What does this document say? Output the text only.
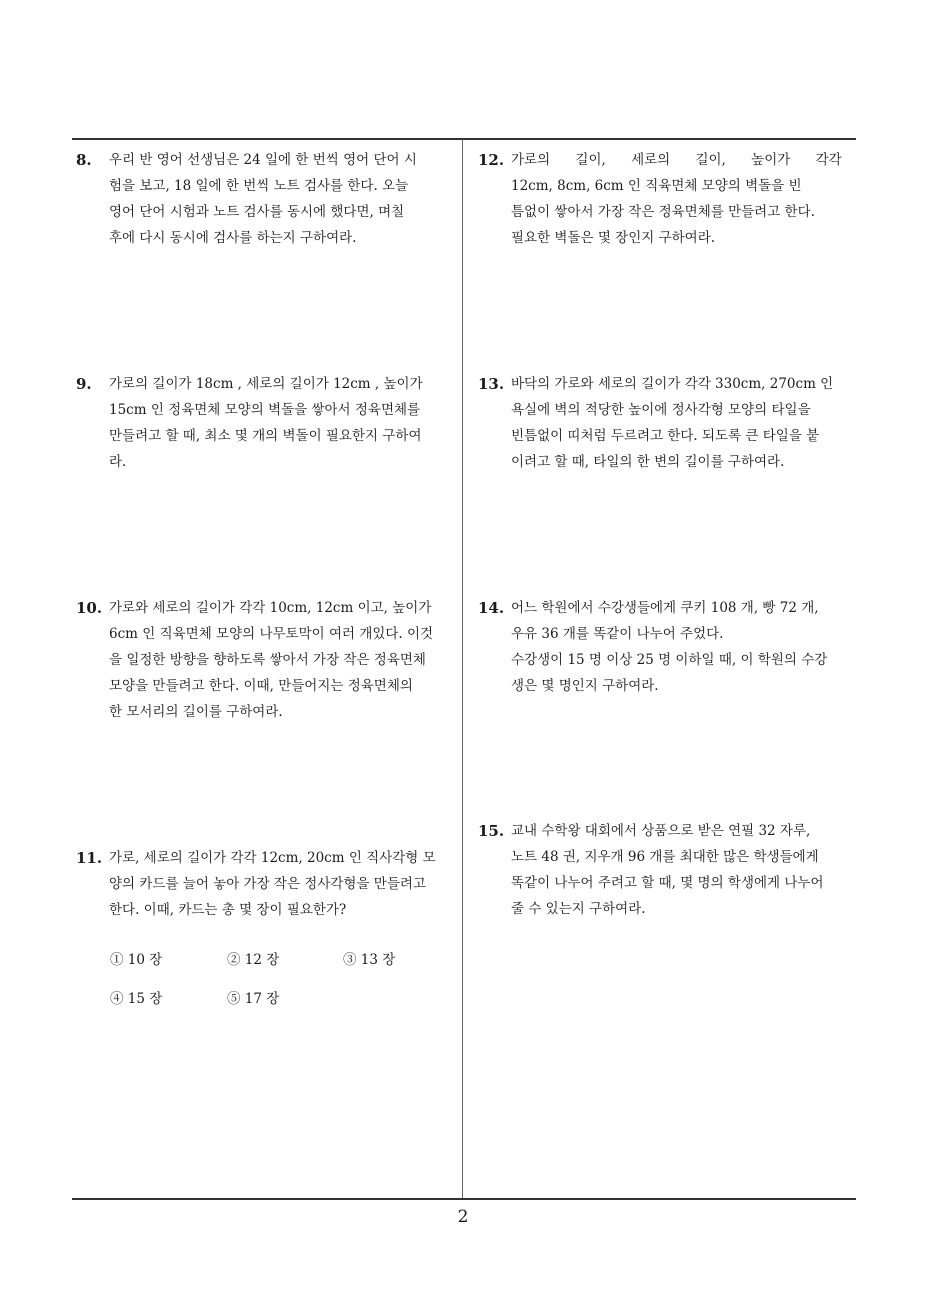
8. 우리 반 영어 선생님은 24 일에 한 번씩 영어 단어 시
험을 보고, 18 일에 한 번씩 노트 검사를 한다. 오늘
영어 단어 시험과 노트 검사를 동시에 했다면, 며칠
후에 다시 동시에 검사를 하는지 구하여라.
9. 가로의 길이가 18cm , 세로의 길이가 12cm , 높이가
15cm 인 정육면체 모양의 벽돌을 쌓아서 정육면체를
만들려고 할 때, 최소 몇 개의 벽돌이 필요한지 구하여
라.
10. 가로와 세로의 길이가 각각 10cm, 12cm 이고, 높이가
6cm 인 직육면체 모양의 나무토막이 여러 개있다. 이것
을 일정한 방향을 향하도록 쌓아서 가장 작은 정육면체
모양을 만들려고 한다. 이때, 만들어지는 정육면체의
한 모서리의 길이를 구하여라.
11. 가로, 세로의 길이가 각각 12cm, 20cm 인 직사각형 모
양의 카드를 늘어 놓아 가장 작은 정사각형을 만들려고
한다. 이때, 카드는 총 몇 장이 필요한가?
① 10 장	② 12 장	③ 13 장
④ 15 장	⑤ 17 장
12. 가로의 길이, 세로의 길이, 높이가 각각
12cm, 8cm, 6cm 인 직육면체 모양의 벽돌을 빈
틈없이 쌓아서 가장 작은 정육면체를 만들려고 한다.
필요한 벽돌은 몇 장인지 구하여라.
13. 바닥의 가로와 세로의 길이가 각각 330cm, 270cm 인
욕실에 벽의 적당한 높이에 정사각형 모양의 타일을
빈틈없이 띠처럼 두르려고 한다. 되도록 큰 타일을 붙
이려고 할 때, 타일의 한 변의 길이를 구하여라.
14. 어느 학원에서 수강생들에게 쿠키 108 개, 빵 72 개,
우유 36 개를 똑같이 나누어 주었다.
수강생이 15 명 이상 25 명 이하일 때, 이 학원의 수강
생은 몇 명인지 구하여라.
15. 교내 수학왕 대회에서 상품으로 받은 연필 32 자루,
노트 48 권, 지우개 96 개를 최대한 많은 학생들에게
똑같이 나누어 주려고 할 때, 몇 명의 학생에게 나누어
줄 수 있는지 구하여라.
2
